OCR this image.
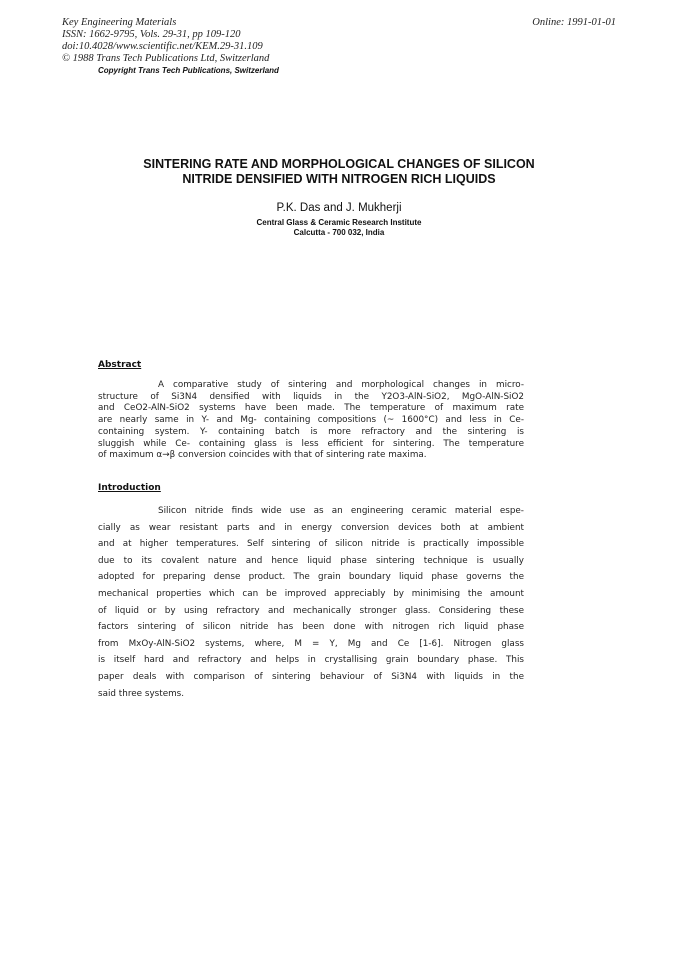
Key Engineering Materials
ISSN: 1662-9795, Vols. 29-31, pp 109-120
doi:10.4028/www.scientific.net/KEM.29-31.109
© 1988 Trans Tech Publications Ltd, Switzerland
Online: 1991-01-01
Copyright Trans Tech Publications, Switzerland
SINTERING RATE AND MORPHOLOGICAL CHANGES OF SILICON
NITRIDE DENSIFIED WITH NITROGEN RICH LIQUIDS
P.K. Das and J. Mukherji
Central Glass & Ceramic Research Institute
Calcutta - 700 032, India
Abstract
A comparative study of sintering and morphological changes in micro-
structure of Si3N4 densified with liquids in the Y2O3-AlN-SiO2, MgO-AlN-SiO2
and CeO2-AlN-SiO2 systems have been made. The temperature of maximum rate
are nearly same in Y- and Mg- containing compositions (~ 1600°C) and less in Ce-
containing system. Y- containing batch is more refractory and the sintering is
sluggish while Ce- containing glass is less efficient for sintering. The temperature
of maximum α→β conversion coincides with that of sintering rate maxima.
Introduction
Silicon nitride finds wide use as an engineering ceramic material espe-
cially as wear resistant parts and in energy conversion devices both at ambient
and at higher temperatures. Self sintering of silicon nitride is practically impossible
due to its covalent nature and hence liquid phase sintering technique is usually
adopted for preparing dense product. The grain boundary liquid phase governs the
mechanical properties which can be improved appreciably by minimising the amount
of liquid or by using refractory and mechanically stronger glass. Considering these
factors sintering of silicon nitride has been done with nitrogen rich liquid phase
from MxOy-AlN-SiO2 systems, where, M = Y, Mg and Ce [1-6]. Nitrogen glass
is itself hard and refractory and helps in crystallising grain boundary phase. This
paper deals with comparison of sintering behaviour of Si3N4 with liquids in the
said three systems.
